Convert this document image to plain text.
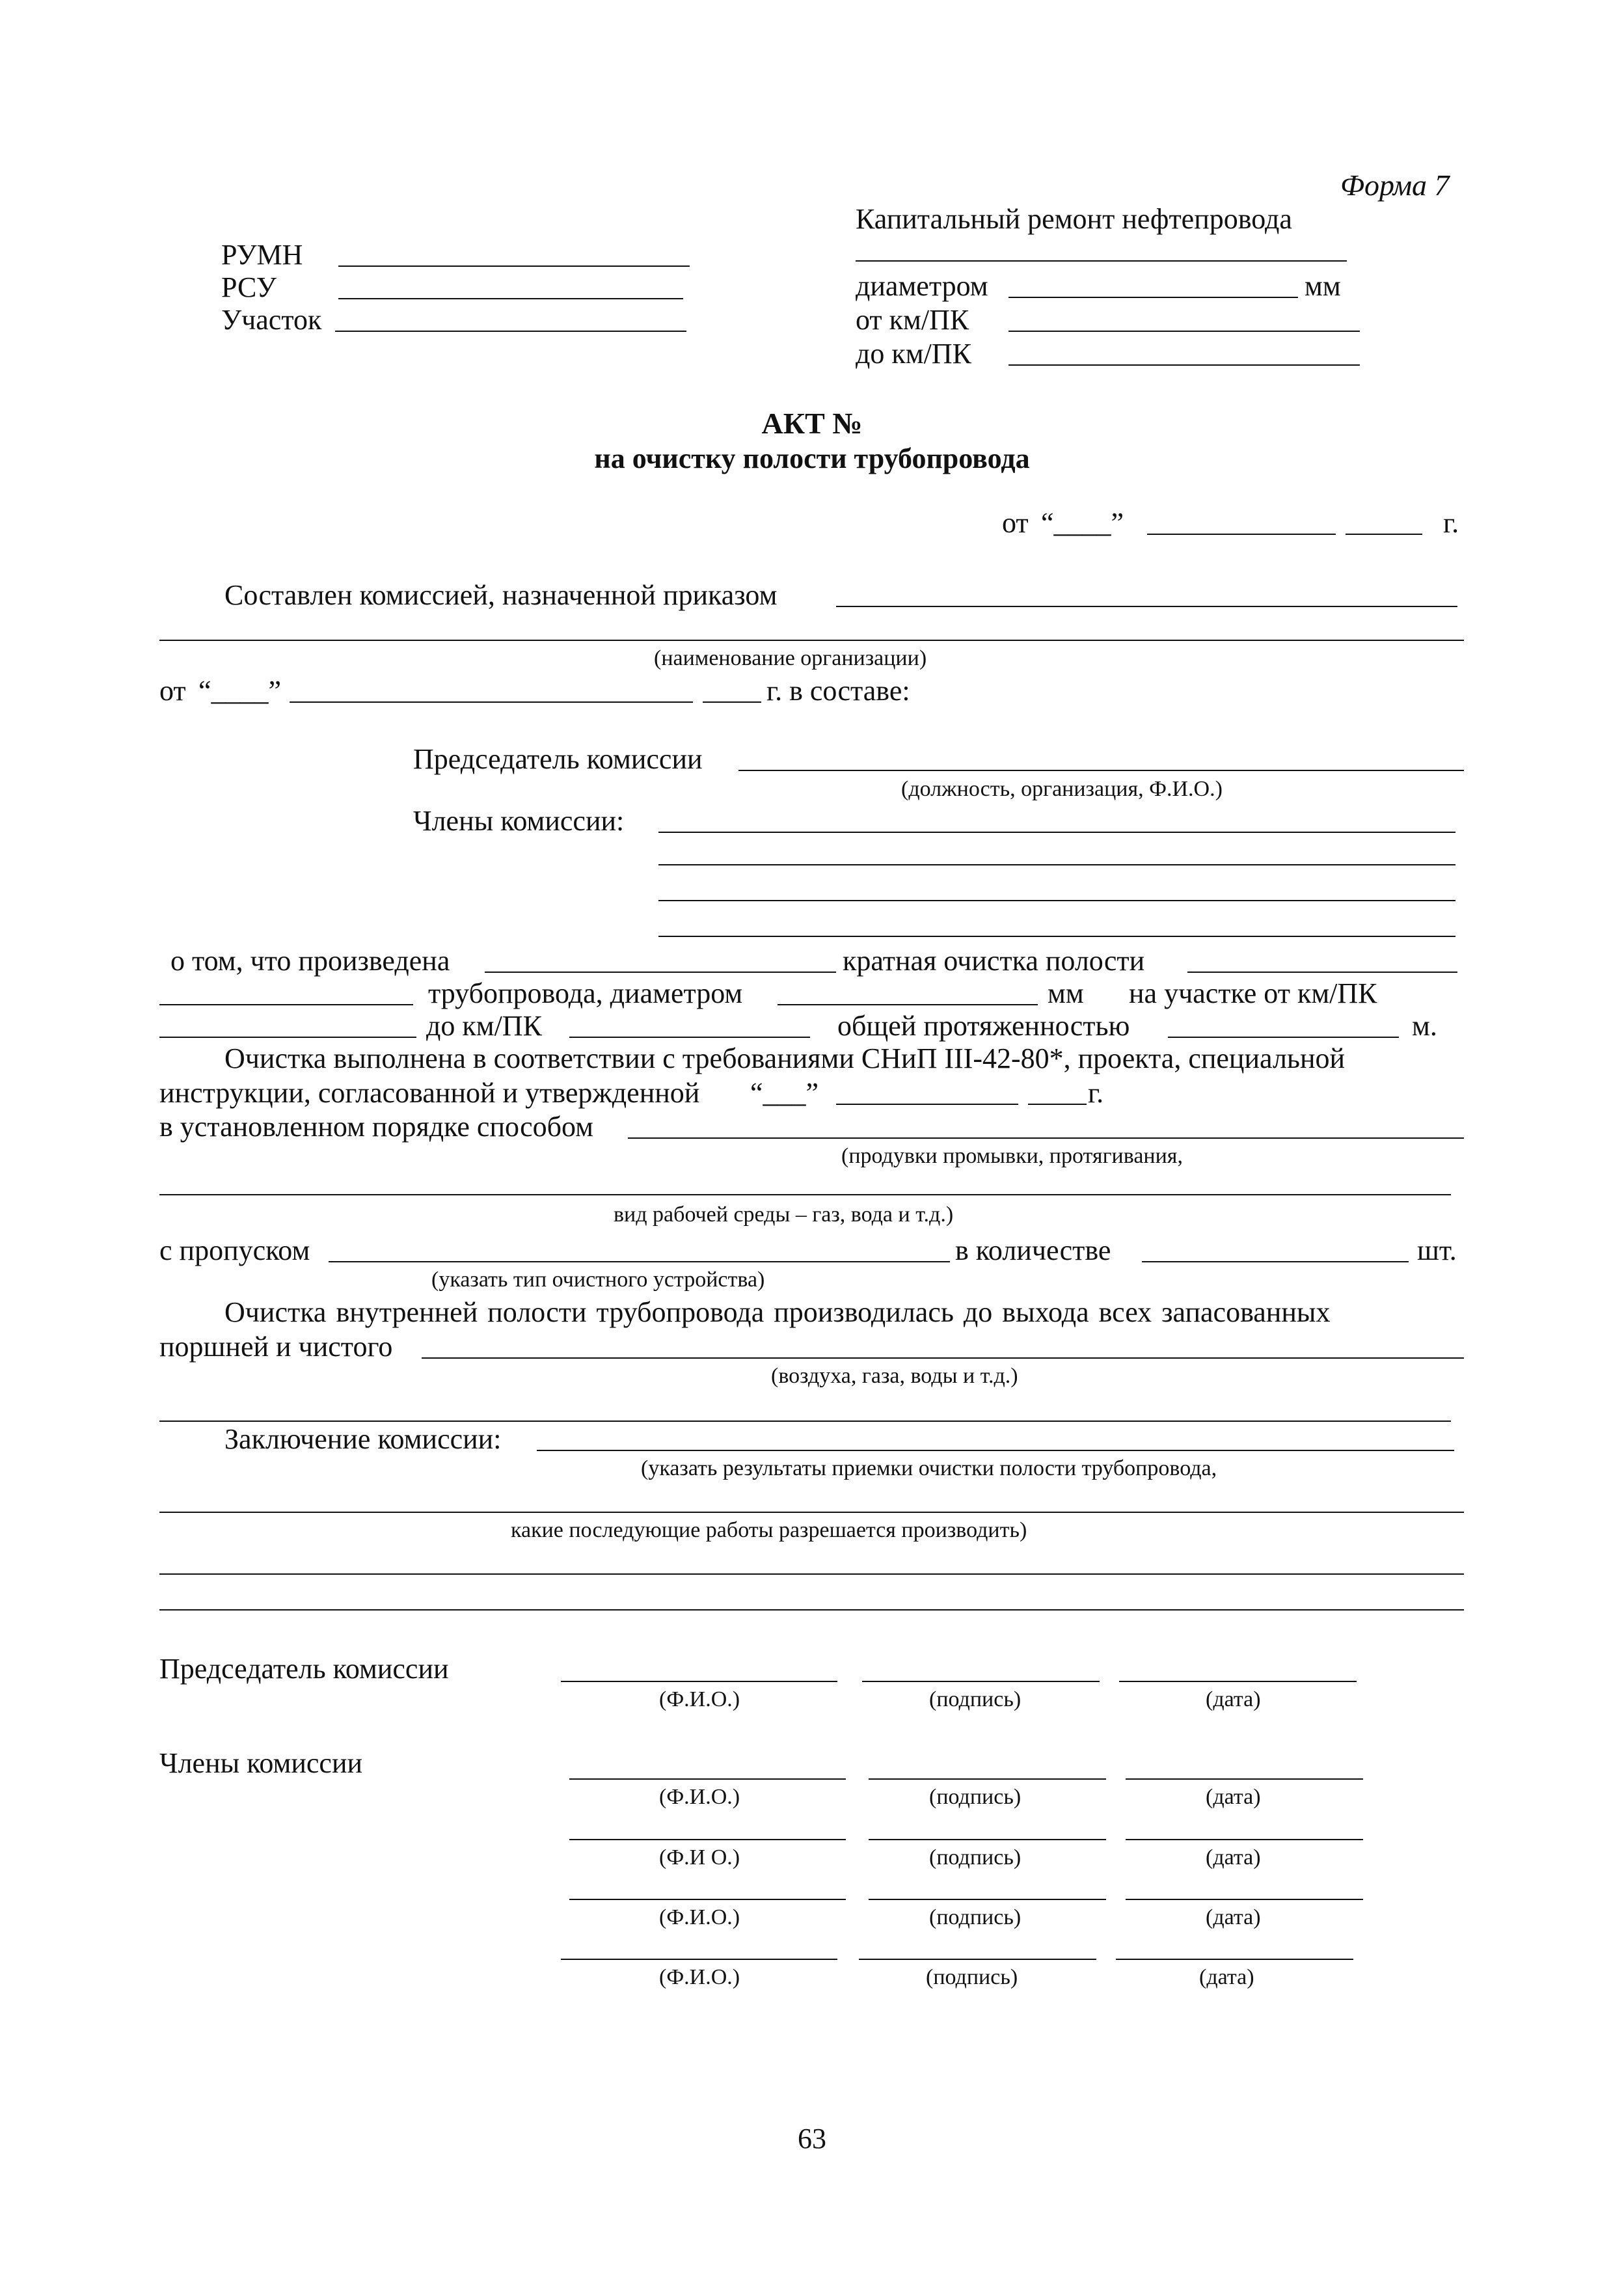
Форма 7
Капитальный ремонт нефтепровода
РУМН
РСУ
Участок
диаметром	мм
от км/ПК
до км/ПК
АКТ №
на очистку полости трубопровода
от “____”	г.
Составлен комиссией, назначенной приказом
(наименование организации)
от “____”	г. в составе:
Председатель комиссии
(должность, организация, Ф.И.О.)
Члены комиссии:
о том, что произведена	кратная очистка полости
трубопровода, диаметром	мм на участке от км/ПК
до км/ПК	общей протяженностью	м.
Очистка выполнена в соответствии с требованиями СНиП III-42-80*, проекта, специальной
инструкции, согласованной и утвержденной “___”	г.
в установленном порядке способом
(продувки промывки, протягивания,
вид рабочей среды – газ, вода и т.д.)
с пропуском	в количестве	шт.
(указать тип очистного устройства)
Очистка внутренней полости трубопровода производилась до выхода всех запасованных
поршней и чистого
(воздуха, газа, воды и т.д.)
Заключение комиссии:
(указать результаты приемки очистки полости трубопровода,
какие последующие работы разрешается производить)
Председатель комиссии
Члены комиссии
(Ф.И.О.)	(подпись)	(дата)
(Ф.И.О.)	(подпись)	(дата)
(Ф.И О.)	(подпись)	(дата)
(Ф.И.О.)	(подпись)	(дата)
(Ф.И.О.)	(подпись)	(дата)
63
